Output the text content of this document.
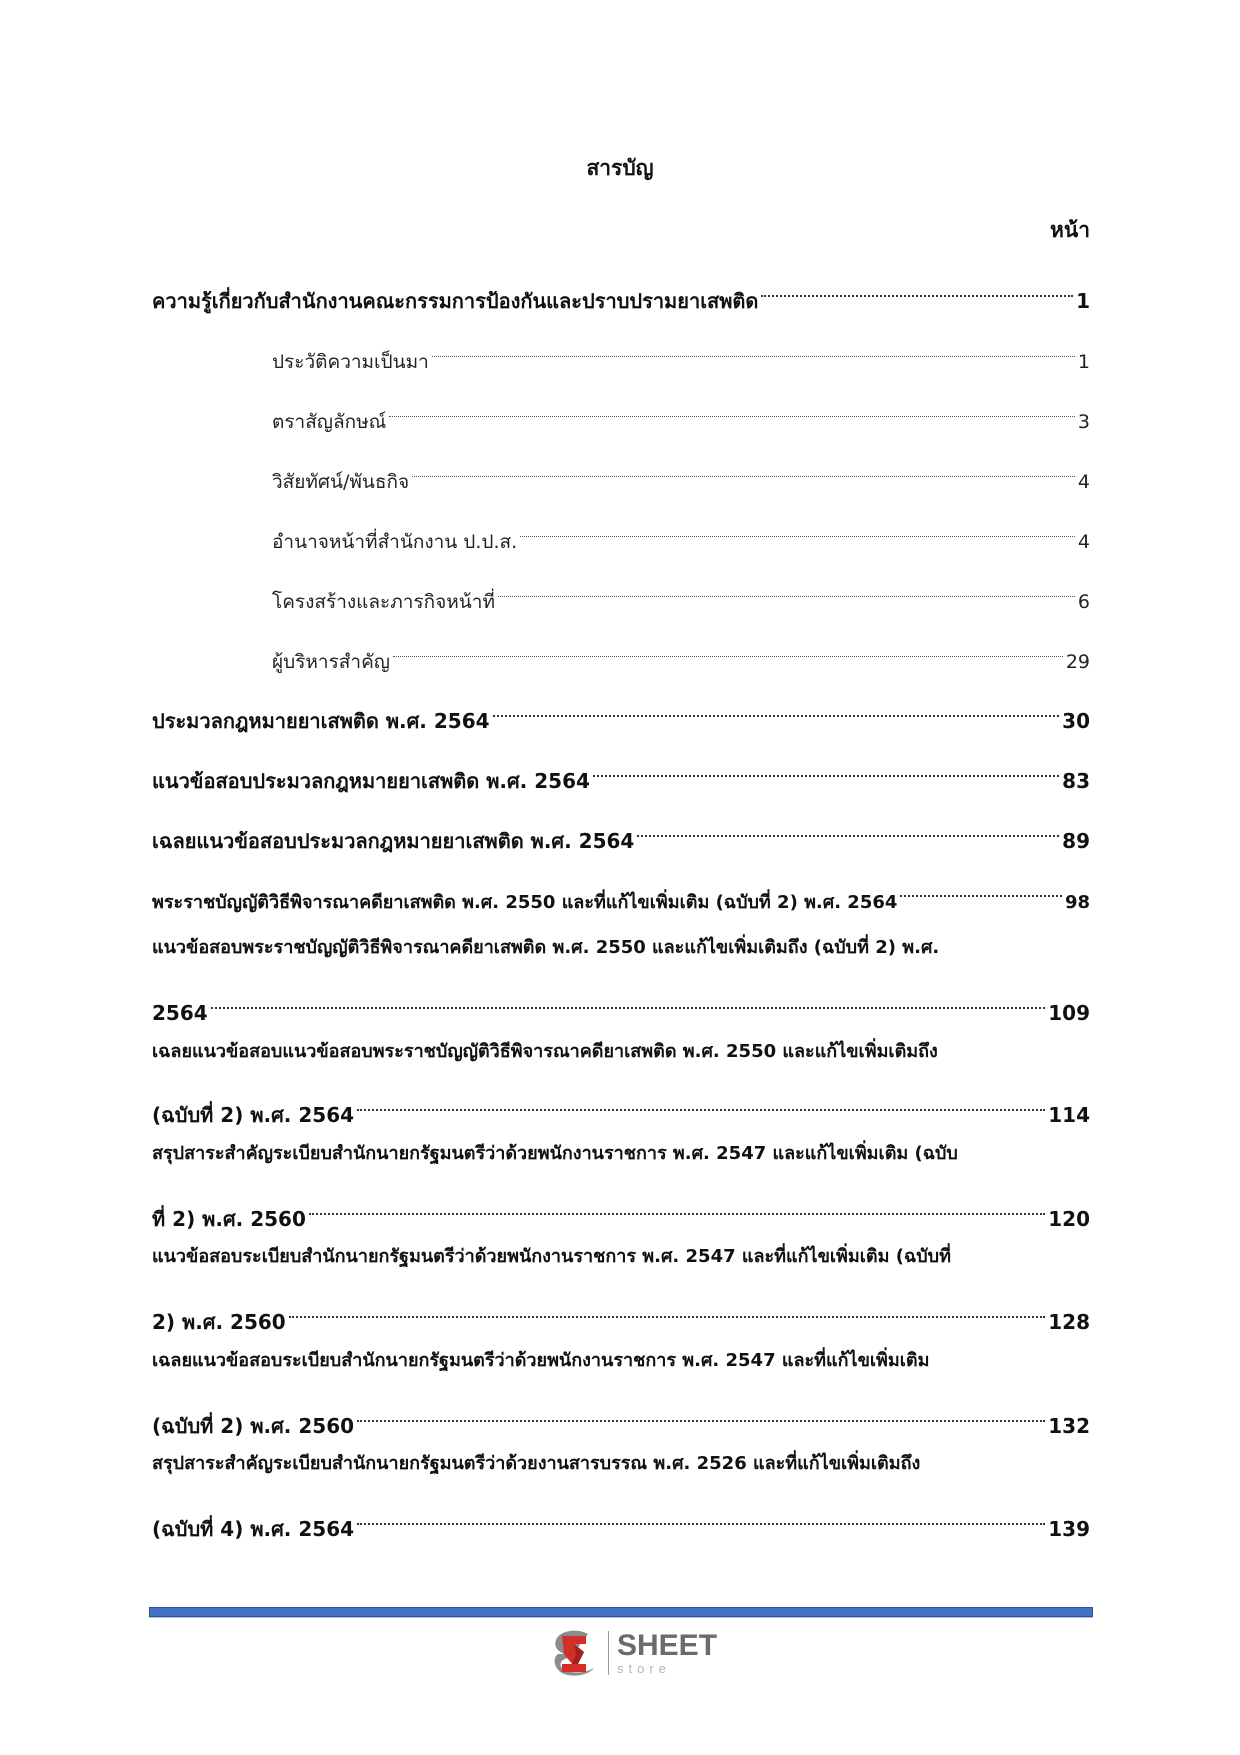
สารบัญ
หน้า
ความรู้เกี่ยวกับสำนักงานคณะกรรมการป้องกันและปราบปรามยาเสพติด	1
ประวัติความเป็นมา	1
ตราสัญลักษณ์	3
วิสัยทัศน์/พันธกิจ	4
อำนาจหน้าที่สำนักงาน ป.ป.ส.	4
โครงสร้างและภารกิจหน้าที่	6
ผู้บริหารสำคัญ	29
ประมวลกฎหมายยาเสพติด พ.ศ. 2564	30
แนวข้อสอบประมวลกฎหมายยาเสพติด พ.ศ. 2564	83
เฉลยแนวข้อสอบประมวลกฎหมายยาเสพติด พ.ศ. 2564	89
พระราชบัญญัติวิธีพิจารณาคดียาเสพติด พ.ศ. 2550 และที่แก้ไขเพิ่มเติม (ฉบับที่ 2) พ.ศ. 2564	98
แนวข้อสอบพระราชบัญญัติวิธีพิจารณาคดียาเสพติด พ.ศ. 2550 และแก้ไขเพิ่มเติมถึง (ฉบับที่ 2) พ.ศ.
2564	109
เฉลยแนวข้อสอบแนวข้อสอบพระราชบัญญัติวิธีพิจารณาคดียาเสพติด พ.ศ. 2550 และแก้ไขเพิ่มเติมถึง
(ฉบับที่ 2) พ.ศ. 2564	114
สรุปสาระสำคัญระเบียบสำนักนายกรัฐมนตรีว่าด้วยพนักงานราชการ พ.ศ. 2547 และแก้ไขเพิ่มเติม (ฉบับ
ที่ 2) พ.ศ. 2560	120
แนวข้อสอบระเบียบสำนักนายกรัฐมนตรีว่าด้วยพนักงานราชการ พ.ศ. 2547 และที่แก้ไขเพิ่มเติม (ฉบับที่
2) พ.ศ. 2560	128
เฉลยแนวข้อสอบระเบียบสำนักนายกรัฐมนตรีว่าด้วยพนักงานราชการ พ.ศ. 2547 และที่แก้ไขเพิ่มเติม
(ฉบับที่ 2) พ.ศ. 2560	132
สรุปสาระสำคัญระเบียบสำนักนายกรัฐมนตรีว่าด้วยงานสารบรรณ พ.ศ. 2526 และที่แก้ไขเพิ่มเติมถึง
(ฉบับที่ 4) พ.ศ. 2564	139
SHEET
store
